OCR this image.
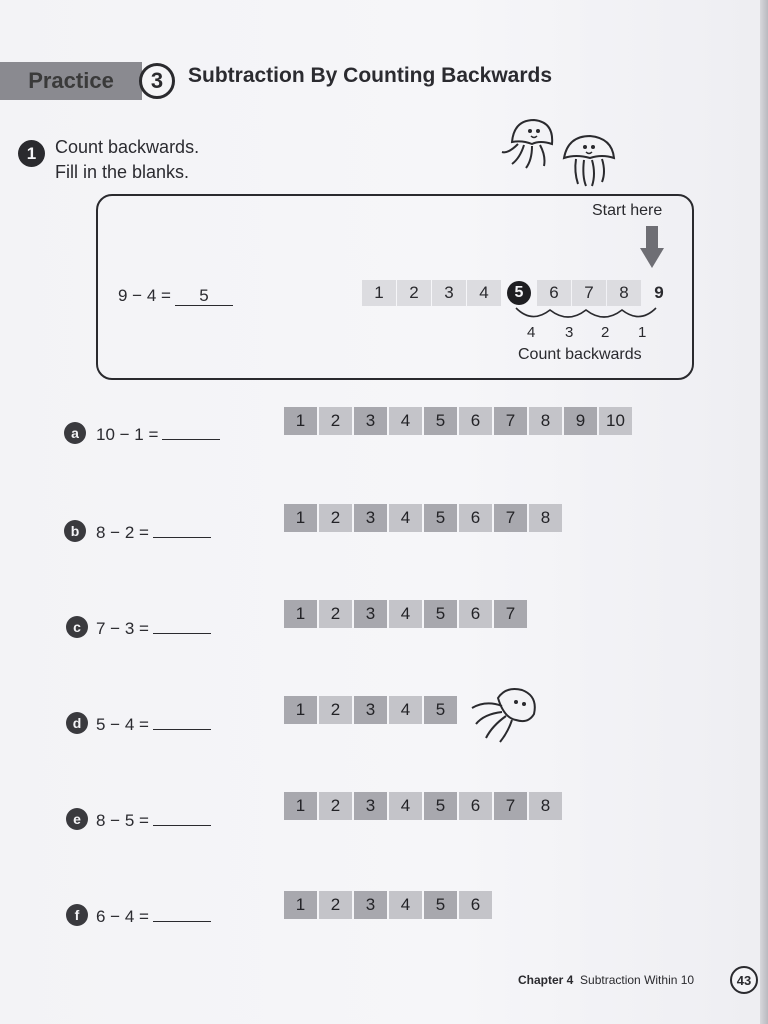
Practice	3	Subtraction By Counting Backwards
1	Count backwards.
Fill in the blanks.
Start here
9 − 4 =	5	1	2	3	4	5	6	7	8	9
4 3 2 1
Count backwards
a	10 − 1 =
1	2	3	4	5	6	7	8	9	10
b 8 − 2 =
1	2	3	4	5	6	7	8
c 7 − 3 =
1	2	3	4	5	6	7
d 5 − 4 =
1	2	3	4	5
e 8 − 5 =
1	2	3	4	5	6	7	8
f 6 − 4 =
1	2	3	4	5	6
Chapter 4 Subtraction Within 10	43
